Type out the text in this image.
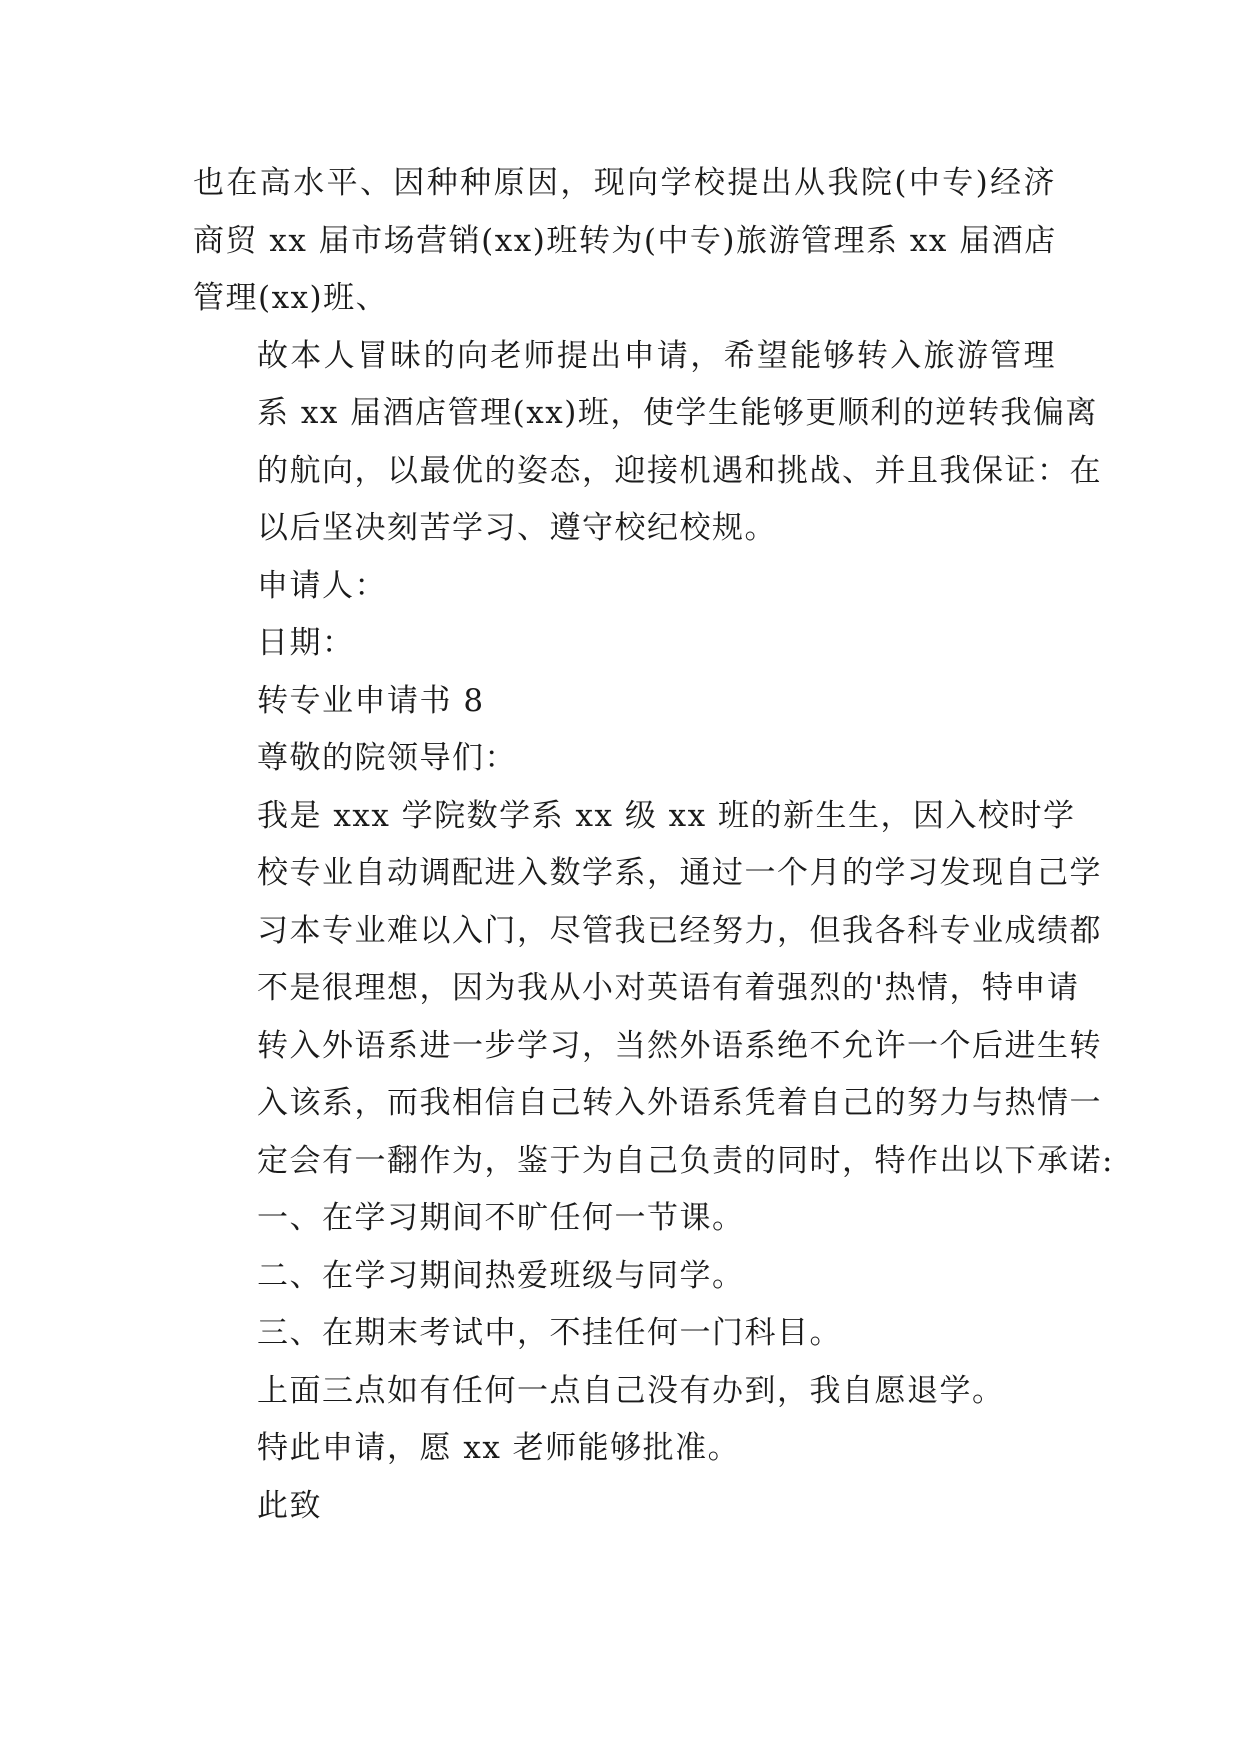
也在高水平、因种种原因，现向学校提出从我院(中专)经济
商贸 xx 届市场营销(xx)班转为(中专)旅游管理系 xx 届酒店
管理(xx)班、

故本人冒昧的向老师提出申请，希望能够转入旅游管理
系 xx 届酒店管理(xx)班，使学生能够更顺利的逆转我偏离
的航向，以最优的姿态，迎接机遇和挑战、并且我保证：在
以后坚决刻苦学习、遵守校纪校规。

申请人：

日期：

转专业申请书 8

尊敬的院领导们：

我是 xxx 学院数学系 xx 级 xx 班的新生生，因入校时学
校专业自动调配进入数学系，通过一个月的学习发现自己学
习本专业难以入门，尽管我已经努力，但我各科专业成绩都
不是很理想，因为我从小对英语有着强烈的'热情，特申请
转入外语系进一步学习，当然外语系绝不允许一个后进生转
入该系，而我相信自己转入外语系凭着自己的努力与热情一
定会有一翻作为，鉴于为自己负责的同时，特作出以下承诺:

一、在学习期间不旷任何一节课。

二、在学习期间热爱班级与同学。

三、在期末考试中，不挂任何一门科目。

上面三点如有任何一点自己没有办到，我自愿退学。

特此申请，愿 xx 老师能够批准。

此致
